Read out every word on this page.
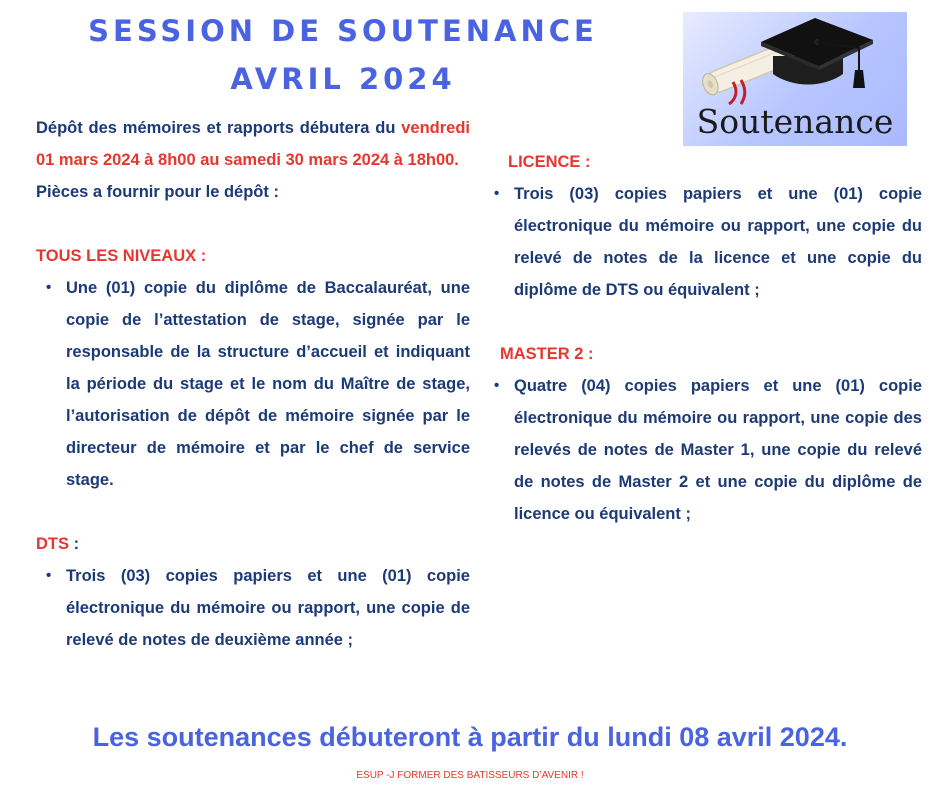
SESSION DE SOUTENANCE
AVRIL 2024
Soutenance

Dépôt des mémoires et rapports débutera du vendredi 01 mars 2024 à 8h00 au samedi 30 mars 2024 à 18h00.

Pièces a fournir pour le dépôt :

TOUS LES NIVEAUX :

• Une (01) copie du diplôme de Baccalauréat, une copie de l’attestation de stage, signée par le responsable de la structure d’accueil et indiquant la période du stage et le nom du Maître de stage, l’autorisation de dépôt de mémoire signée par le directeur de mémoire et par le chef de service stage.

DTS :

• Trois (03) copies papiers et une (01) copie électronique du mémoire ou rapport, une copie de relevé de notes de deuxième année ;

LICENCE :

• Trois (03) copies papiers et une (01) copie électronique du mémoire ou rapport, une copie du relevé de notes de la licence et une copie du diplôme de DTS ou équivalent ;

MASTER 2 :

• Quatre (04) copies papiers et une (01) copie électronique du mémoire ou rapport, une copie des relevés de notes de Master 1, une copie du relevé de notes de Master 2 et une copie du diplôme de licence ou équivalent ;
Les soutenances débuteront à partir du lundi 08 avril 2024.
ESUP -J FORMER DES BATISSEURS D’AVENIR !
